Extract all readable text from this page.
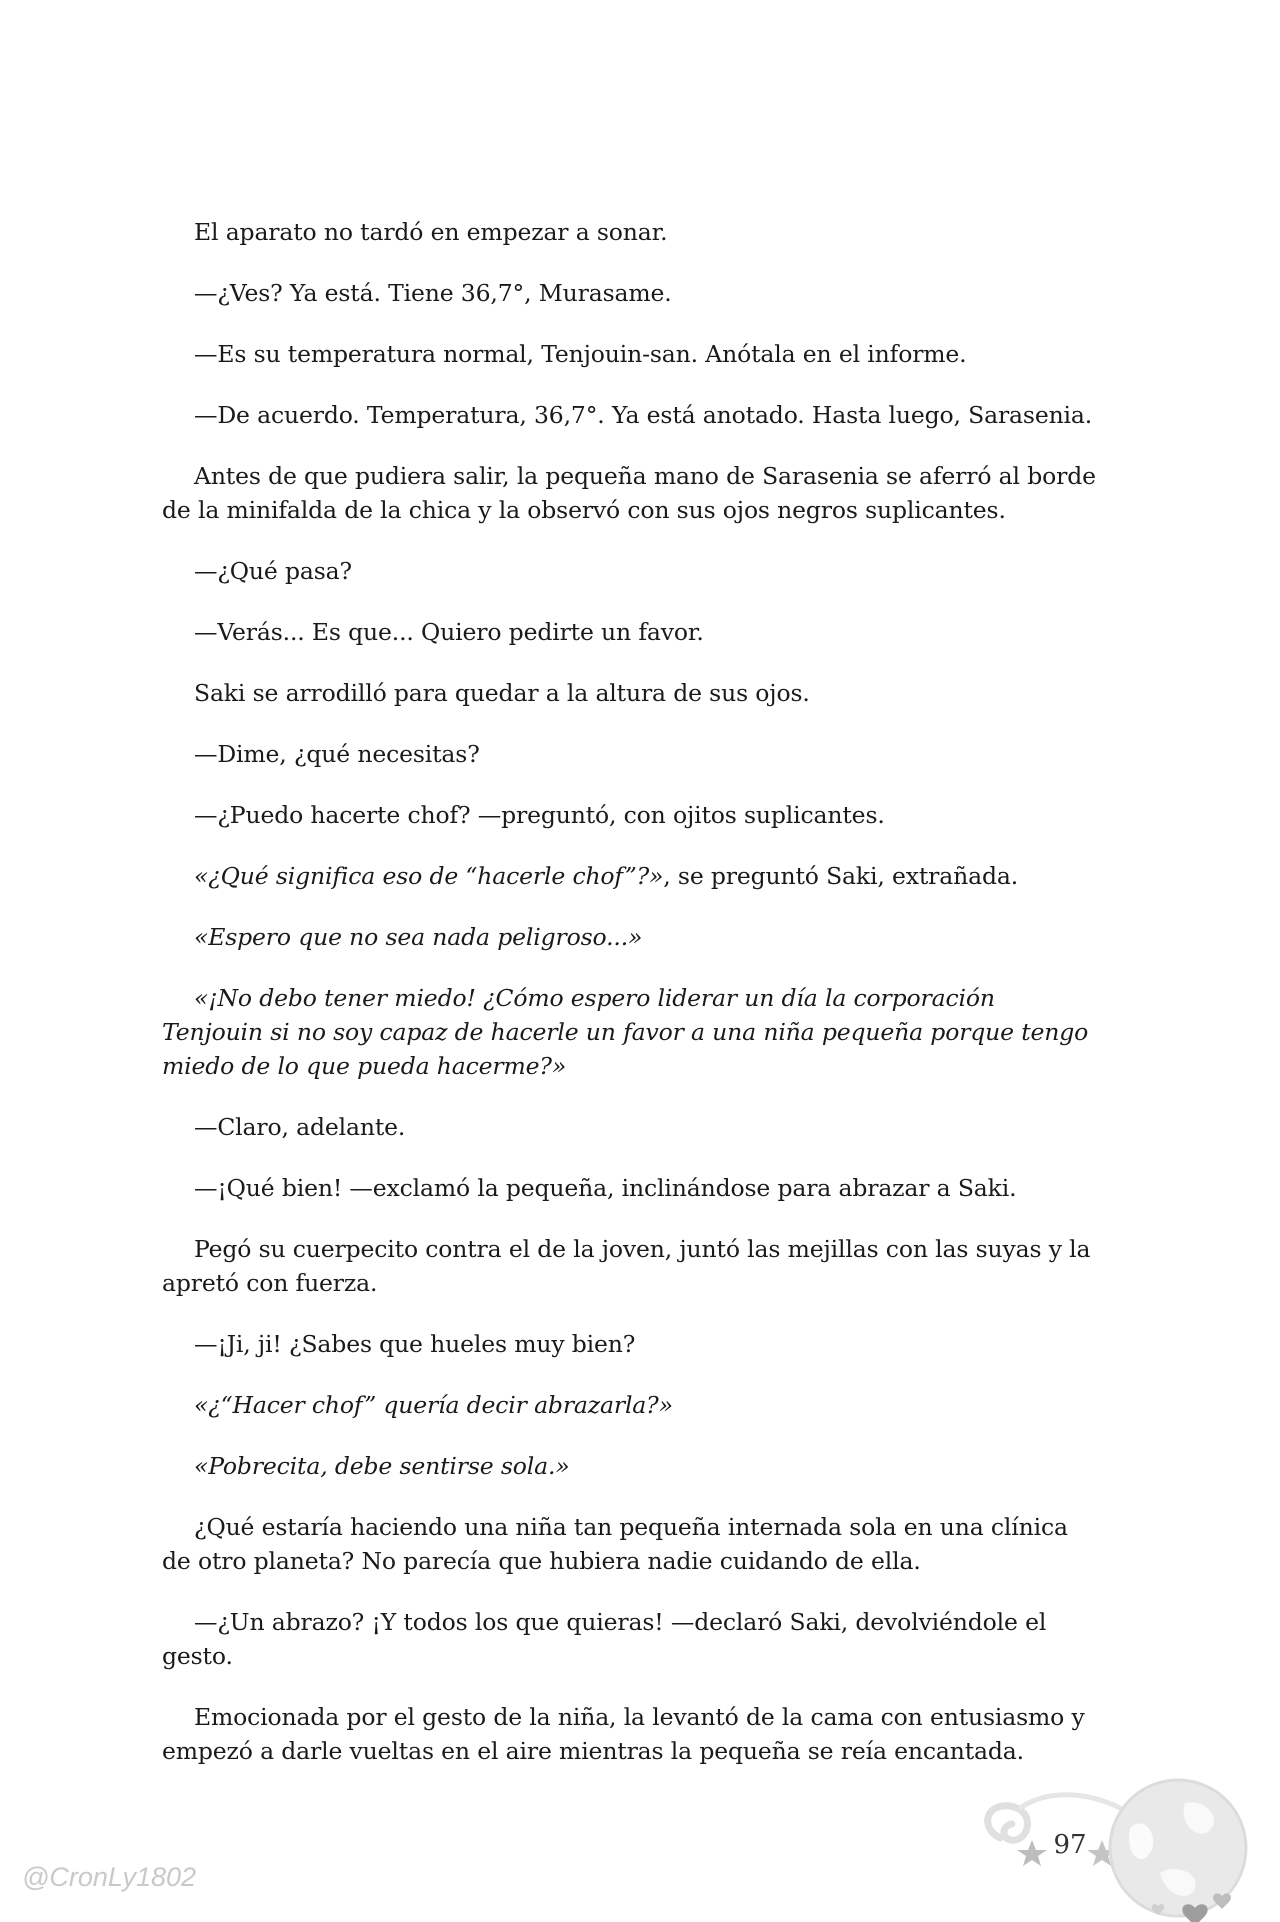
El aparato no tardó en empezar a sonar.

—¿Ves? Ya está. Tiene 36,7°, Murasame.

—Es su temperatura normal, Tenjouin-san. Anótala en el informe.

—De acuerdo. Temperatura, 36,7°. Ya está anotado. Hasta luego, Sarasenia.

Antes de que pudiera salir, la pequeña mano de Sarasenia se aferró al borde de la minifalda de la chica y la observó con sus ojos negros suplicantes.

—¿Qué pasa?

—Verás... Es que... Quiero pedirte un favor.

Saki se arrodilló para quedar a la altura de sus ojos.

—Dime, ¿qué necesitas?

—¿Puedo hacerte chof? —preguntó, con ojitos suplicantes.

«¿Qué significa eso de “hacerle chof”?», se preguntó Saki, extrañada.

«Espero que no sea nada peligroso...»

«¡No debo tener miedo! ¿Cómo espero liderar un día la corporación Tenjouin si no soy capaz de hacerle un favor a una niña pequeña porque tengo miedo de lo que pueda hacerme?»

—Claro, adelante.

—¡Qué bien! —exclamó la pequeña, inclinándose para abrazar a Saki.

Pegó su cuerpecito contra el de la joven, juntó las mejillas con las suyas y la apretó con fuerza.

—¡Ji, ji! ¿Sabes que hueles muy bien?

«¿“Hacer chof” quería decir abrazarla?»

«Pobrecita, debe sentirse sola.»

¿Qué estaría haciendo una niña tan pequeña internada sola en una clínica de otro planeta? No parecía que hubiera nadie cuidando de ella.

—¿Un abrazo? ¡Y todos los que quieras! —declaró Saki, devolviéndole el gesto.

Emocionada por el gesto de la niña, la levantó de la cama con entusiasmo y empezó a darle vueltas en el aire mientras la pequeña se reía encantada.

97
@CronLy1802
